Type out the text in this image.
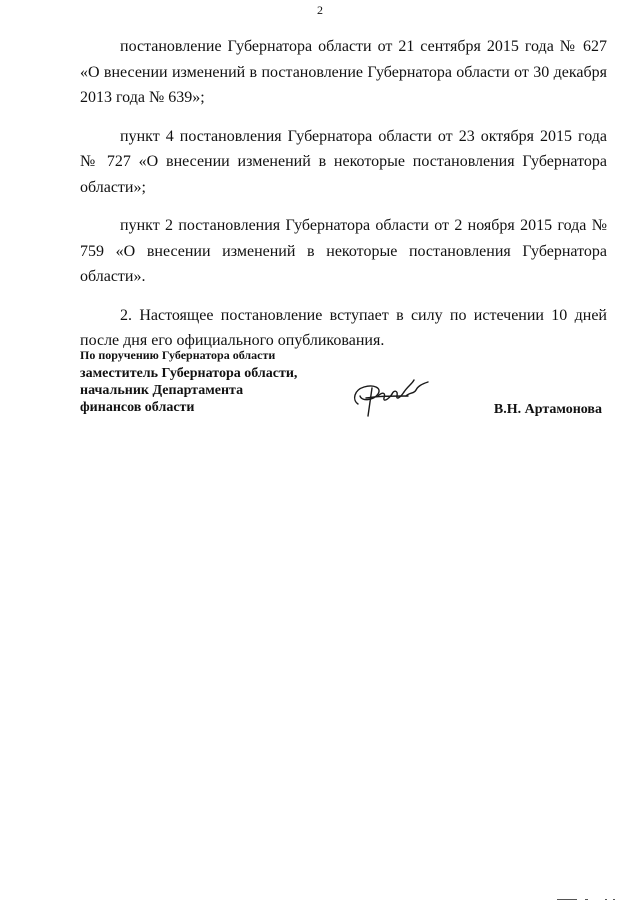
2

постановление Губернатора области от 21 сентября 2015 года № 627 «О внесении изменений в постановление Губернатора области от 30 декабря 2013 года № 639»;

пункт 4 постановления Губернатора области от 23 октября 2015 года № 727 «О внесении изменений в некоторые постановления Губернатора области»;

пункт 2 постановления Губернатора области от 2 ноября 2015 года № 759 «О внесении изменений в некоторые постановления Губернатора области».

2. Настоящее постановление вступает в силу по истечении 10 дней после дня его официального опубликования.

По поручению Губернатора области
заместитель Губернатора области,
начальник Департамента
финансов области	В.Н. Артамонова
